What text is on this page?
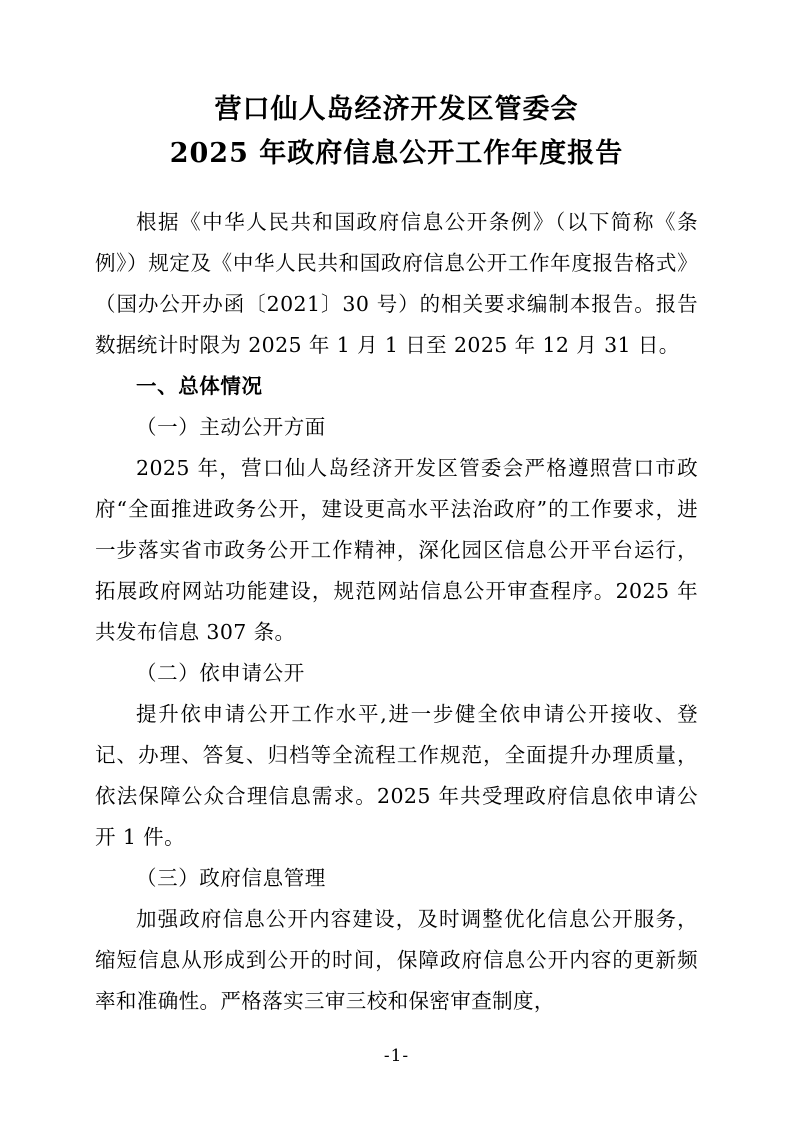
营口仙人岛经济开发区管委会
2025 年政府信息公开工作年度报告

根据《中华人民共和国政府信息公开条例》（以下简称《条例》）规定及《中华人民共和国政府信息公开工作年度报告格式》（国办公开办函〔2021〕30 号）的相关要求编制本报告。报告数据统计时限为 2025 年 1 月 1 日至 2025 年 12 月 31 日。

一、总体情况

（一）主动公开方面

2025 年，营口仙人岛经济开发区管委会严格遵照营口市政府“全面推进政务公开，建设更高水平法治政府”的工作要求，进一步落实省市政务公开工作精神，深化园区信息公开平台运行，拓展政府网站功能建设，规范网站信息公开审查程序。2025 年共发布信息 307 条。

（二）依申请公开

提升依申请公开工作水平,进一步健全依申请公开接收、登记、办理、答复、归档等全流程工作规范，全面提升办理质量，依法保障公众合理信息需求。2025 年共受理政府信息依申请公开 1 件。

（三）政府信息管理

加强政府信息公开内容建设，及时调整优化信息公开服务，缩短信息从形成到公开的时间，保障政府信息公开内容的更新频率和准确性。严格落实三审三校和保密审查制度，

-1-
